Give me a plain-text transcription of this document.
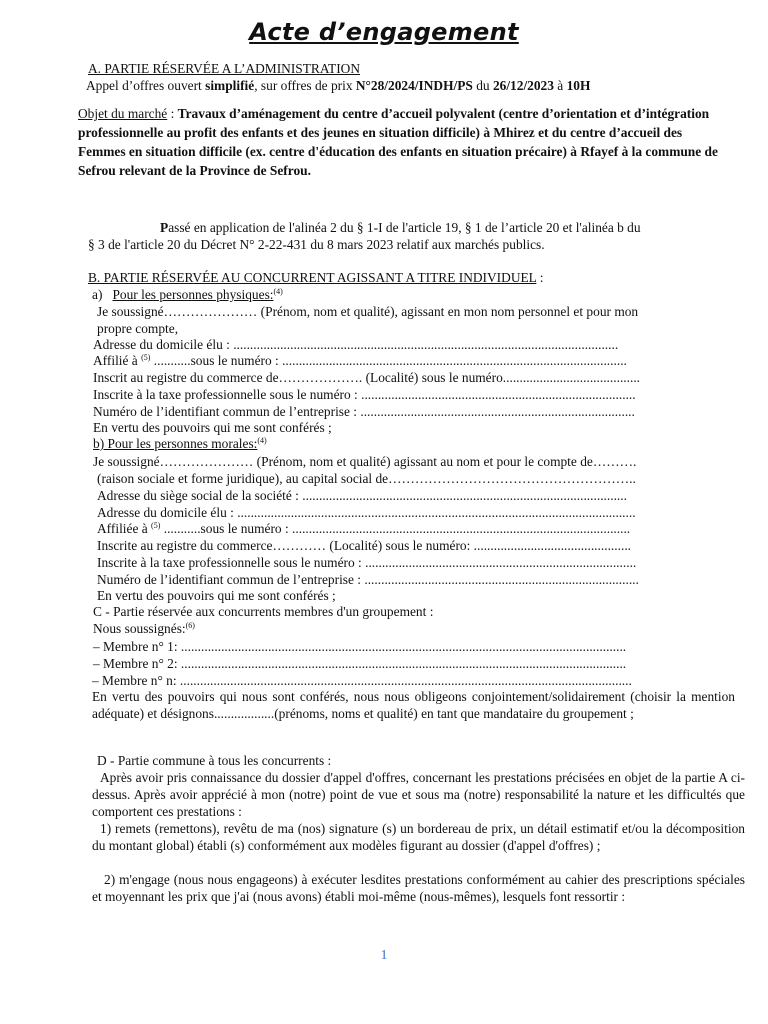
Acte d’engagement
A. PARTIE RÉSERVÉE A L’ADMINISTRATION
Appel d’offres ouvert simplifié, sur offres de prix N°28/2024/INDH/PS du 26/12/2023 à 10H
Objet du marché : Travaux d’aménagement du centre d’accueil polyvalent (centre d’orientation et d’intégration professionnelle au profit des enfants et des jeunes en situation difficile) à Mhirez et du centre d’accueil des Femmes en situation difficile (ex. centre d'éducation des enfants en situation précaire) à Rfayef à la commune de Sefrou relevant de la Province de Sefrou.
Passé en application de l'alinéa 2 du § 1-I de l'article 19, § 1 de l’article 20 et l'alinéa b du
§ 3 de l'article 20 du Décret N° 2-22-431 du 8 mars 2023 relatif aux marchés publics.
B. PARTIE RÉSERVÉE AU CONCURRENT AGISSANT A TITRE INDIVIDUEL :
a) Pour les personnes physiques:$^{(4)}$
Je soussigné………………… (Prénom, nom et qualité), agissant en mon nom personnel et pour mon
propre compte,
Adresse du domicile élu : ...................................................................................................................
Affilié à $^{(5)}$ ...........sous le numéro : .......................................................................................................
Inscrit au registre du commerce de………………. (Localité) sous le numéro.........................................
Inscrite à la taxe professionnelle sous le numéro : ..................................................................................
Numéro de l’identifiant commun de l’entreprise : ..................................................................................
En vertu des pouvoirs qui me sont conférés ;
b) Pour les personnes morales:$^{(4)}$
Je soussigné………………… (Prénom, nom et qualité) agissant au nom et pour le compte de……….
(raison sociale et forme juridique), au capital social de………………………………………………..
Adresse du siège social de la société : .................................................................................................
Adresse du domicile élu : .......................................................................................................................
Affiliée à $^{(5)}$ ...........sous le numéro : .....................................................................................................
Inscrite au registre du commerce………… (Localité) sous le numéro: ...............................................
Inscrite à la taxe professionnelle sous le numéro : .................................................................................
Numéro de l’identifiant commun de l’entreprise : ..................................................................................
En vertu des pouvoirs qui me sont conférés ;
C - Partie réservée aux concurrents membres d'un groupement :
Nous soussignés:$^{(6)}$
– Membre n° 1: .....................................................................................................................................
– Membre n° 2: .....................................................................................................................................
– Membre n° n: .......................................................................................................................................
En vertu des pouvoirs qui nous sont conférés, nous nous obligeons conjointement/solidairement (choisir la mention adéquate) et désignons..................(prénoms, noms et qualité) en tant que mandataire du groupement ;
D - Partie commune à tous les concurrents :
Après avoir pris connaissance du dossier d'appel d'offres, concernant les prestations précisées en objet de la partie A ci-dessus. Après avoir apprécié à mon (notre) point de vue et sous ma (notre) responsabilité la nature et les difficultés que comportent ces prestations :
1) remets (remettons), revêtu de ma (nos) signature (s) un bordereau de prix, un détail estimatif et/ou la décomposition du montant global) établi (s) conformément aux modèles figurant au dossier (d'appel d'offres) ;
2) m'engage (nous nous engageons) à exécuter lesdites prestations conformément au cahier des prescriptions spéciales et moyennant les prix que j'ai (nous avons) établi moi-même (nous-mêmes), lesquels font ressortir :
1
